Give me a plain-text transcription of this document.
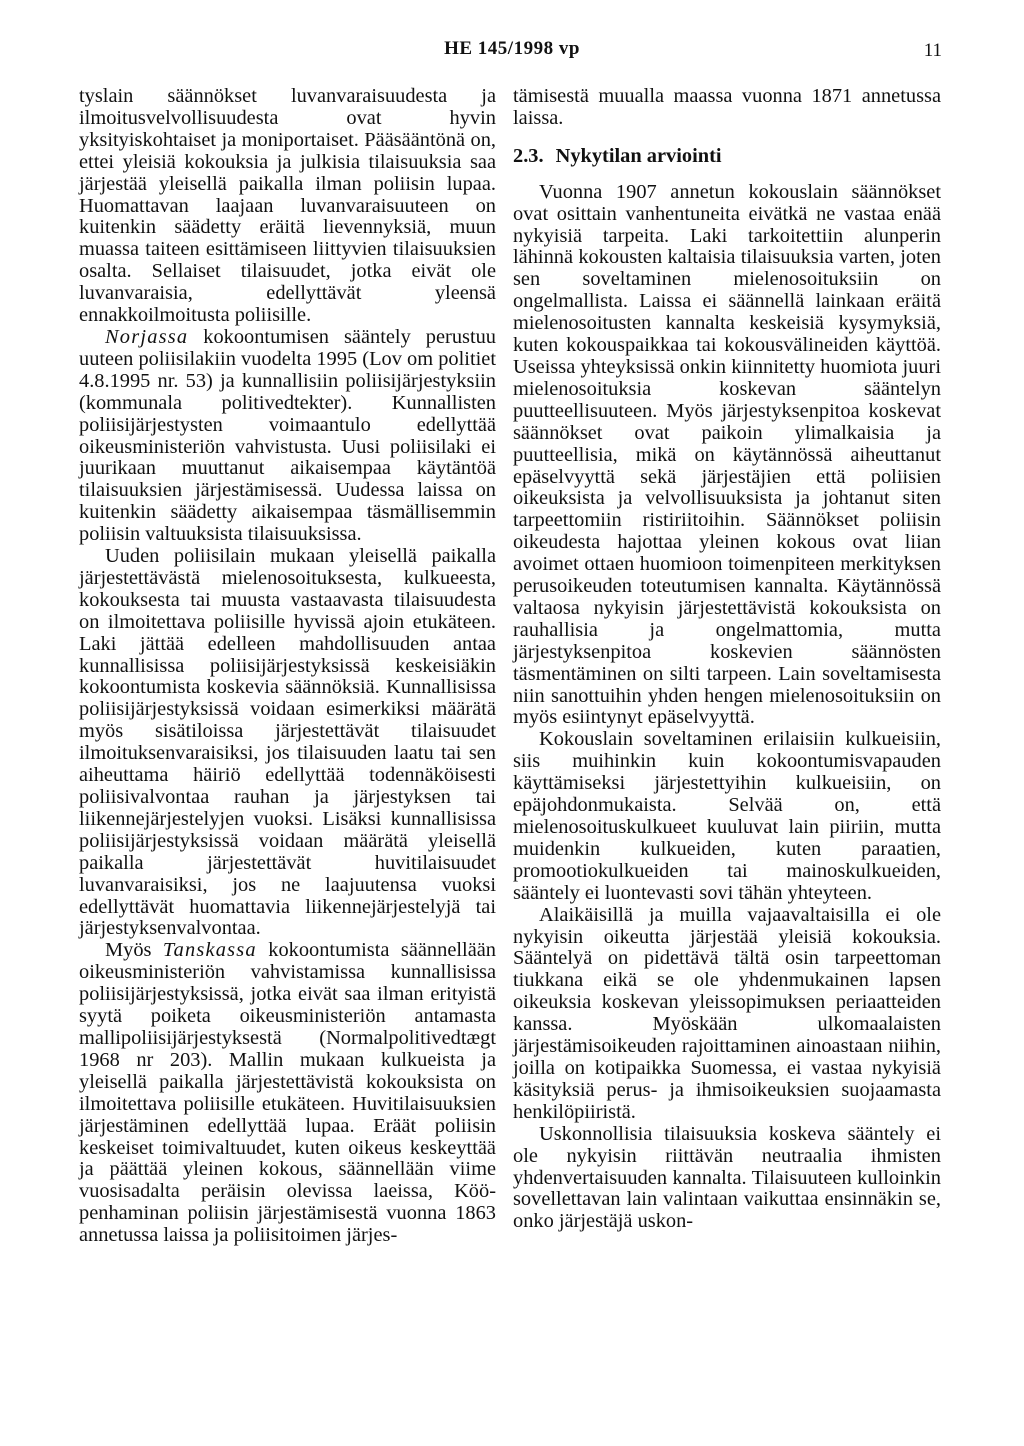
HE 145/1998 vp	11

tyslain säännökset luvanvaraisuudesta ja ilmoitusvelvollisuudesta ovat hyvin yksityiskohtaiset ja moniportaiset. Pääsääntönä on, ettei yleisiä kokouksia ja julkisia tilaisuuksia saa järjestää yleisellä paikalla ilman poliisin lupaa. Huomattavan laajaan luvanvaraisuuteen on kuitenkin säädetty eräitä lievennyksiä, muun muassa taiteen esittämiseen liittyvien tilaisuuksien osalta. Sellaiset tilaisuudet, jotka eivät ole luvanvaraisia, edellyttävät yleensä ennakkoilmoitusta poliisille.

Norjassa kokoontumisen sääntely perustuu uuteen poliisilakiin vuodelta 1995 (Lov om politiet 4.8.1995 nr. 53) ja kunnallisiin poliisijärjestyksiin (kommunala politivedtekter). Kunnallisten poliisijärjestysten voimaantulo edellyttää oikeusministeriön vahvistusta. Uusi poliisilaki ei juurikaan muuttanut aikaisempaa käytäntöä tilaisuuksien järjestämisessä. Uudessa laissa on kuitenkin säädetty aikaisempaa täsmällisemmin poliisin valtuuksista tilaisuuksissa.

Uuden poliisilain mukaan yleisellä paikalla järjestettävästä mielenosoituksesta, kulkueesta, kokouksesta tai muusta vastaavasta tilaisuudesta on ilmoitettava poliisille hyvissä ajoin etukäteen. Laki jättää edelleen mahdollisuuden antaa kunnallisissa poliisijärjestyksissä keskeisiäkin kokoontumista koskevia säännöksiä. Kunnallisissa poliisijärjestyksissä voidaan esimerkiksi määrätä myös sisätiloissa järjestettävät tilaisuudet ilmoituksenvaraisiksi, jos tilaisuuden laatu tai sen aiheuttama häiriö edellyttää todennäköisesti poliisivalvontaa rauhan ja järjestyksen tai liikennejärjestelyjen vuoksi. Lisäksi kunnallisissa poliisijärjestyksissä voidaan määrätä yleisellä paikalla järjestettävät huvitilaisuudet luvanvaraisiksi, jos ne laajuutensa vuoksi edellyttävät huomattavia liikennejärjestelyjä tai järjestyksenvalvontaa.

Myös Tanskassa kokoontumista säännellään oikeusministeriön vahvistamissa kunnallisissa poliisijärjestyksissä, jotka eivät saa ilman erityistä syytä poiketa oikeusministeriön antamasta mallipoliisijärjestyksestä (Normalpolitivedtægt 1968 nr 203). Mallin mukaan kulkueista ja yleisellä paikalla järjestettävistä kokouksista on ilmoitettava poliisille etukäteen. Huvitilaisuuksien järjestäminen edellyttää lupaa. Eräät poliisin keskeiset toimivaltuudet, kuten oikeus keskeyttää ja päättää yleinen kokous, säännellään viime vuosisadalta peräisin olevissa laeissa, Kööpenhaminan poliisin järjestämisestä vuonna 1863 annetussa laissa ja poliisitoimen järjes-

tämisestä muualla maassa vuonna 1871 annetussa laissa.

2.3. Nykytilan arviointi

Vuonna 1907 annetun kokouslain säännökset ovat osittain vanhentuneita eivätkä ne vastaa enää nykyisiä tarpeita. Laki tarkoitettiin alunperin lähinnä kokousten kaltaisia tilaisuuksia varten, joten sen soveltaminen mielenosoituksiin on ongelmallista. Laissa ei säännellä lainkaan eräitä mielenosoitusten kannalta keskeisiä kysymyksiä, kuten kokouspaikkaa tai kokousvälineiden käyttöä. Useissa yhteyksissä onkin kiinnitetty huomiota juuri mielenosoituksia koskevan sääntelyn puutteellisuuteen. Myös järjestyksenpitoa koskevat säännökset ovat paikoin ylimalkaisia ja puutteellisia, mikä on käytännössä aiheuttanut epäselvyyttä sekä järjestäjien että poliisien oikeuksista ja velvollisuuksista ja johtanut siten tarpeettomiin ristiriitoihin. Säännökset poliisin oikeudesta hajottaa yleinen kokous ovat liian avoimet ottaen huomioon toimenpiteen merkityksen perusoikeuden toteutumisen kannalta. Käytännössä valtaosa nykyisin järjestettävistä kokouksista on rauhallisia ja ongelmattomia, mutta järjestyksenpitoa koskevien säännösten täsmentäminen on silti tarpeen. Lain soveltamisesta niin sanottuihin yhden hengen mielenosoituksiin on myös esiintynyt epäselvyyttä.

Kokouslain soveltaminen erilaisiin kulkueisiin, siis muihinkin kuin kokoontumisvapauden käyttämiseksi järjestettyihin kulkueisiin, on epäjohdonmukaista. Selvää on, että mielenosoituskulkueet kuuluvat lain piiriin, mutta muidenkin kulkueiden, kuten paraatien, promootiokulkueiden tai mainoskulkueiden, sääntely ei luontevasti sovi tähän yhteyteen.

Alaikäisillä ja muilla vajaavaltaisilla ei ole nykyisin oikeutta järjestää yleisiä kokouksia. Sääntelyä on pidettävä tältä osin tarpeettoman tiukkana eikä se ole yhdenmukainen lapsen oikeuksia koskevan yleissopimuksen periaatteiden kanssa. Myöskään ulkomaalaisten järjestämisoikeuden rajoittaminen ainoastaan niihin, joilla on kotipaikka Suomessa, ei vastaa nykyisiä käsityksiä perus- ja ihmisoikeuksien suojaamasta henkilöpiiristä.

Uskonnollisia tilaisuuksia koskeva sääntely ei ole nykyisin riittävän neutraalia ihmisten yhdenvertaisuuden kannalta. Tilaisuuteen kulloinkin sovellettavan lain valintaan vaikuttaa ensinnäkin se, onko järjestäjä uskon-
